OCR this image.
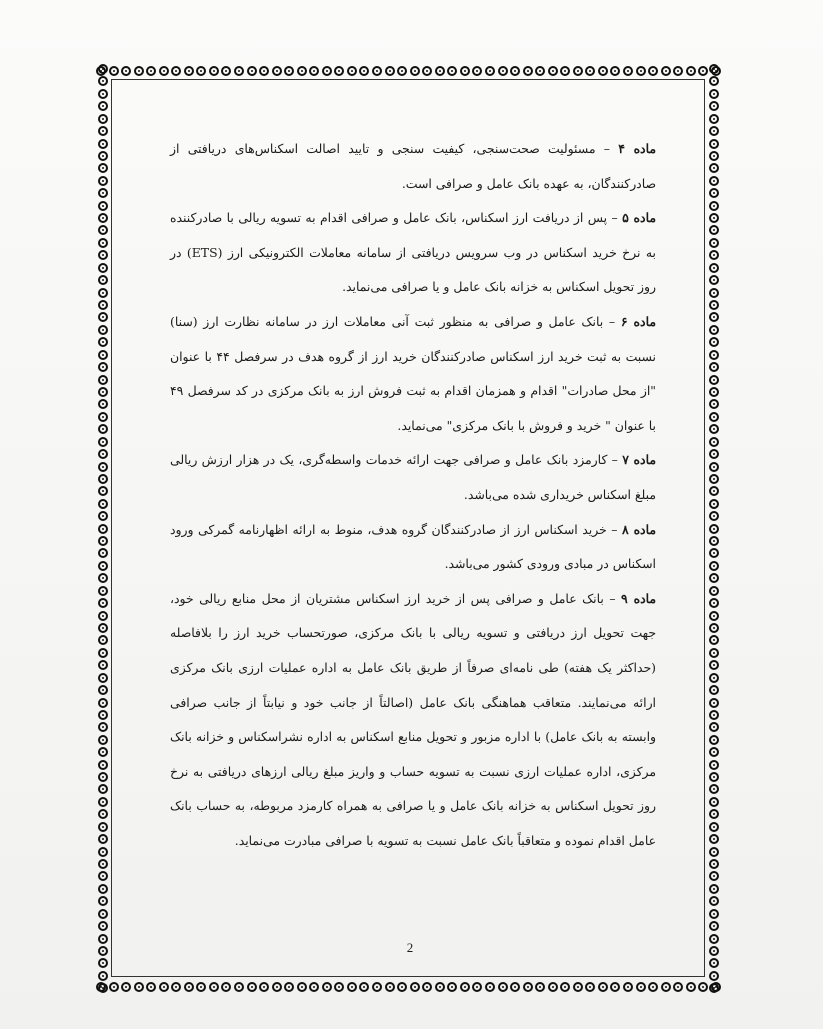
ماده ۴ – مسئولیت صحت‌سنجی، کیفیت سنجی و تایید اصالت اسکناس‌های دریافتی از صادرکنندگان، به عهده بانک عامل و صرافی است.

ماده ۵ – پس از دریافت ارز اسکناس، بانک عامل و صرافی اقدام به تسویه ریالی با صادرکننده به نرخ خرید اسکناس در وب سرویس دریافتی از سامانه معاملات الکترونیکی ارز (ETS) در روز تحویل اسکناس به خزانه بانک عامل و یا صرافی می‌نماید.

ماده ۶ – بانک عامل و صرافی به منظور ثبت آنی معاملات ارز در سامانه نظارت ارز (سنا) نسبت به ثبت خرید ارز اسکناس صادرکنندگان خرید ارز از گروه هدف در سرفصل ۴۴ با عنوان "از محل صادرات" اقدام و همزمان اقدام به ثبت فروش ارز به بانک مرکزی در کد سرفصل ۴۹ با عنوان " خرید و فروش با بانک مرکزی" می‌نماید.

ماده ۷ – کارمزد بانک عامل و صرافی جهت ارائه خدمات واسطه‌گری، یک در هزار ارزش ریالی مبلغ اسکناس خریداری شده می‌باشد.

ماده ۸ – خرید اسکناس ارز از صادرکنندگان گروه هدف، منوط به ارائه اظهارنامه گمرکی ورود اسکناس در مبادی ورودی کشور می‌باشد.

ماده ۹ – بانک عامل و صرافی پس از خرید ارز اسکناس مشتریان از محل منابع ریالی خود، جهت تحویل ارز دریافتی و تسویه ریالی با بانک مرکزی، صورتحساب خرید ارز را بلافاصله (حداکثر یک هفته) طی نامه‌ای صرفاً از طریق بانک عامل به اداره عملیات ارزی بانک مرکزی ارائه می‌نمایند. متعاقب هماهنگی بانک عامل (اصالتاً از جانب خود و نیابتاً از جانب صرافی وابسته به بانک عامل) با اداره مزبور و تحویل منابع اسکناس به اداره نشراسکناس و خزانه بانک مرکزی، اداره عملیات ارزی نسبت به تسویه حساب و واریز مبلغ ریالی ارزهای دریافتی به نرخ روز تحویل اسکناس به خزانه بانک عامل و یا صرافی به همراه کارمزد مربوطه، به حساب بانک عامل اقدام نموده و متعاقباً بانک عامل نسبت به تسویه با صرافی مبادرت می‌نماید.

2
